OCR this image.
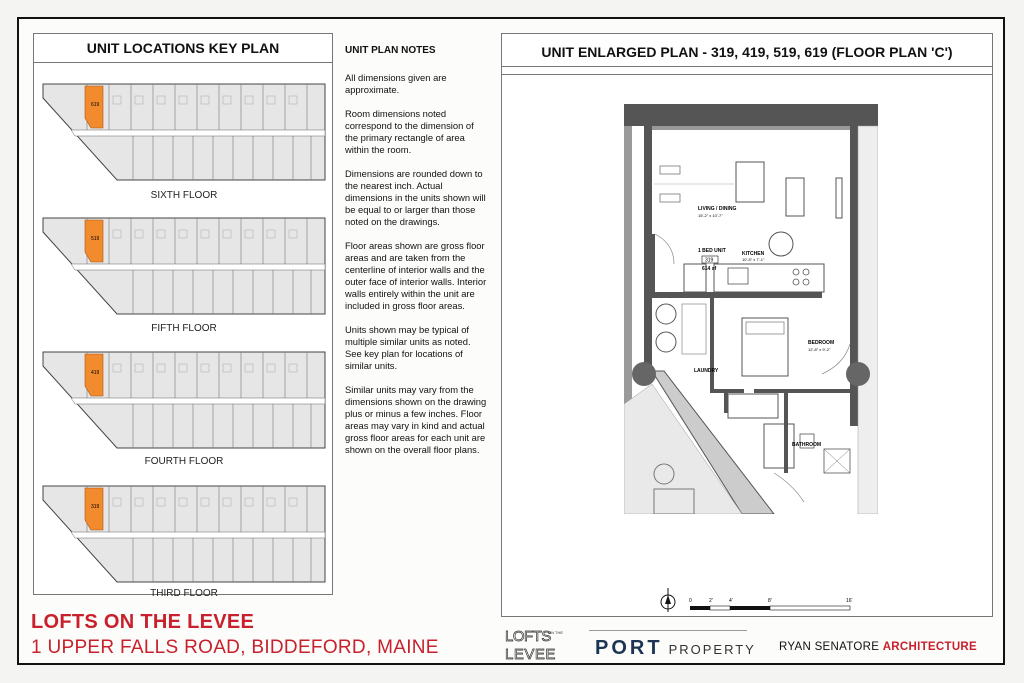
UNIT LOCATIONS KEY PLAN
619
SIXTH FLOOR
519
FIFTH FLOOR
419
FOURTH FLOOR
319
THIRD FLOOR
UNIT PLAN NOTES

All dimensions given are approximate.

Room dimensions noted correspond to the dimension of the primary rectangle of area within the room.

Dimensions are rounded down to the nearest inch. Actual dimensions in the units shown will be equal to or larger than those noted on the drawings.

Floor areas shown are gross floor areas and are taken from the centerline of interior walls and the outer face of interior walls. Interior walls entirely within the unit are included in gross floor areas.

Units shown may be typical of multiple similar units as noted. See key plan for locations of similar units.

Similar units may vary from the dimensions shown on the drawing plus or minus a few inches. Floor areas may vary in kind and actual gross floor areas for each unit are shown on the overall floor plans.

UNIT ENLARGED PLAN - 319, 419, 519, 619 (FLOOR PLAN 'C')
LIVING / DINING
15'-2" x 10'-7"
1 BED UNIT
319
614 sf
KITCHEN
10'-5" x 7'-1"
LAUNDRY
BEDROOM
12'-8" x 9'-2"
BATHROOM
0	2'	4'	8'	16'
LOFTS ON THE LEVEE
1 UPPER FALLS ROAD, BIDDEFORD, MAINE
LOFTS
ON THE
LEVEE PORT PROPERTY RYAN SENATORE ARCHITECTURE
